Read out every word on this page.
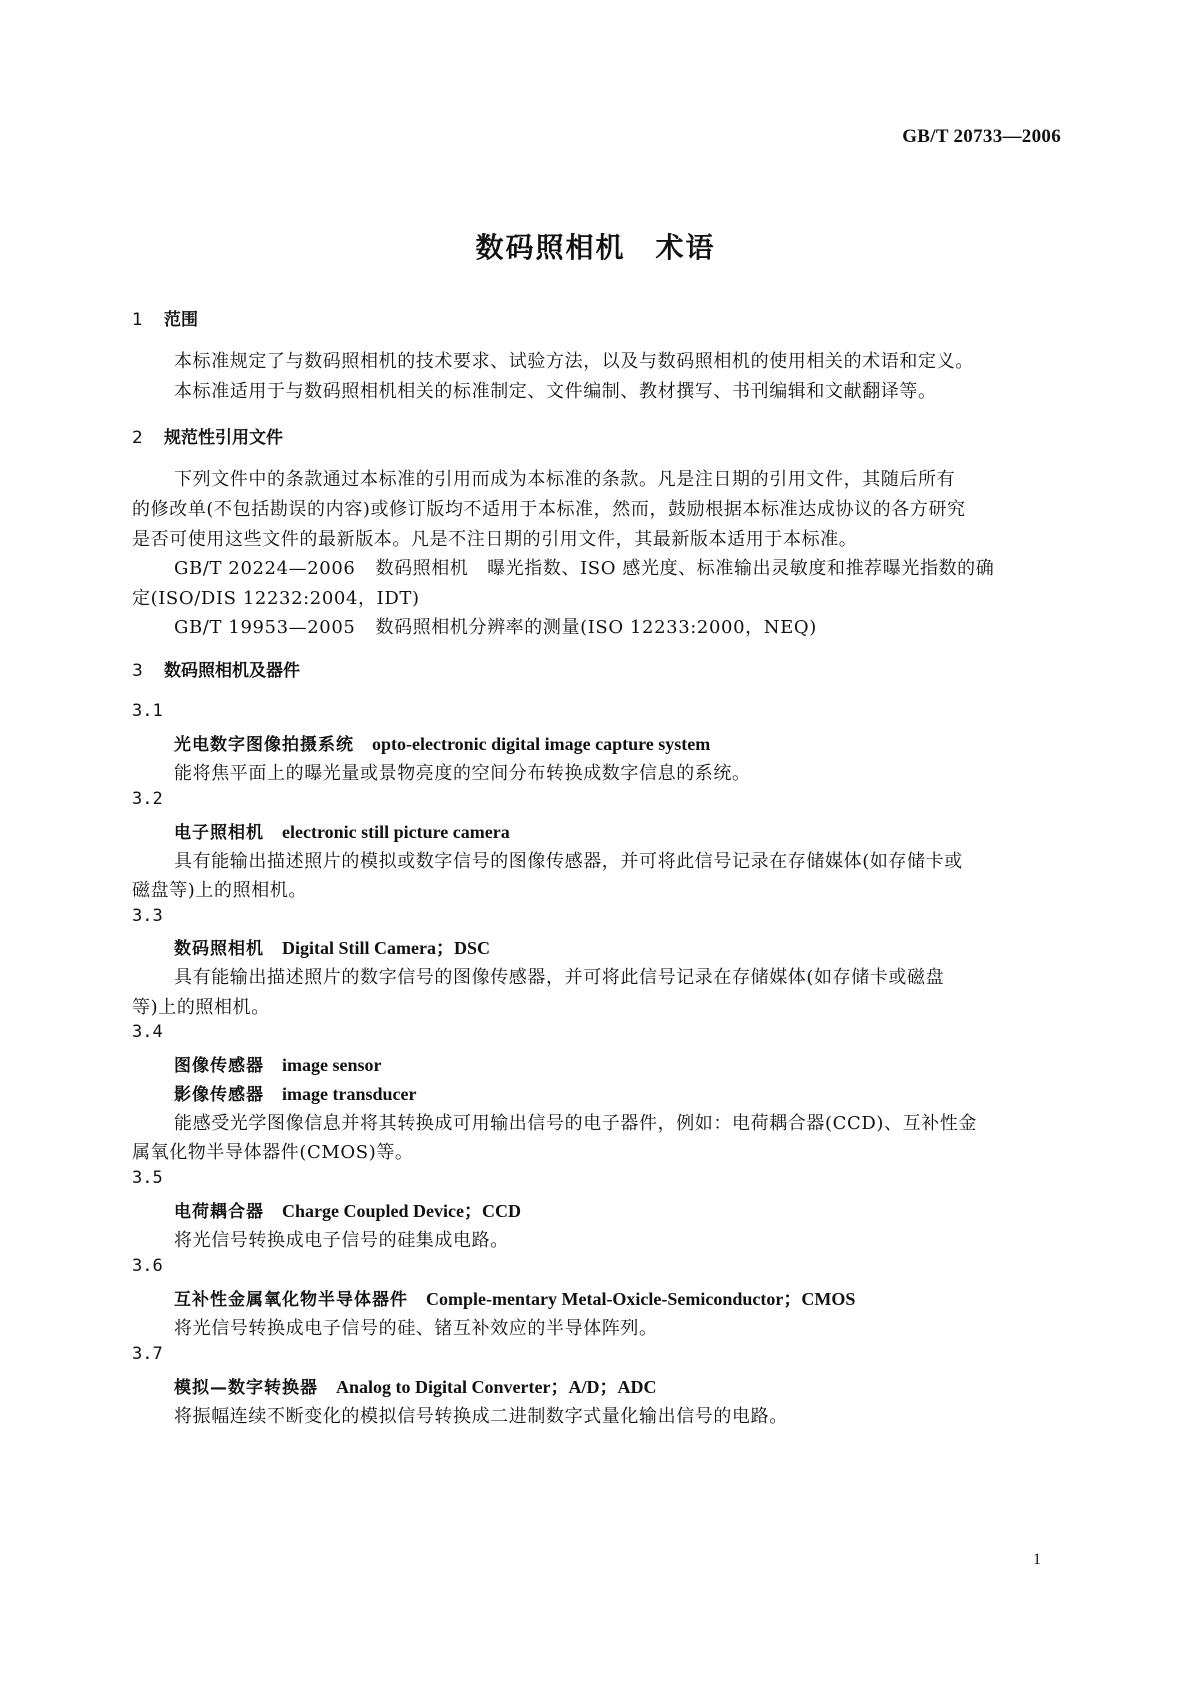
GB/T 20733—2006
数码照相机　术语
1 范围
本标准规定了与数码照相机的技术要求、试验方法，以及与数码照相机的使用相关的术语和定义。
本标准适用于与数码照相机相关的标准制定、文件编制、教材撰写、书刊编辑和文献翻译等。
2 规范性引用文件
下列文件中的条款通过本标准的引用而成为本标准的条款。凡是注日期的引用文件，其随后所有
的修改单(不包括勘误的内容)或修订版均不适用于本标准，然而，鼓励根据本标准达成协议的各方研究
是否可使用这些文件的最新版本。凡是不注日期的引用文件，其最新版本适用于本标准。
GB/T 20224—2006 数码照相机　曝光指数、ISO 感光度、标准输出灵敏度和推荐曝光指数的确
定(ISO/DIS 12232:2004，IDT)
GB/T 19953—2005 数码照相机分辨率的测量(ISO 12233:2000，NEQ)
3 数码照相机及器件
3.1
光电数字图像拍摄系统 opto-electronic digital image capture system
能将焦平面上的曝光量或景物亮度的空间分布转换成数字信息的系统。
3.2
电子照相机 electronic still picture camera
具有能输出描述照片的模拟或数字信号的图像传感器，并可将此信号记录在存储媒体(如存储卡或
磁盘等)上的照相机。
3.3
数码照相机 Digital Still Camera；DSC
具有能输出描述照片的数字信号的图像传感器，并可将此信号记录在存储媒体(如存储卡或磁盘
等)上的照相机。
3.4
图像传感器 image sensor
影像传感器 image transducer
能感受光学图像信息并将其转换成可用输出信号的电子器件，例如：电荷耦合器(CCD)、互补性金
属氧化物半导体器件(CMOS)等。
3.5
电荷耦合器 Charge Coupled Device；CCD
将光信号转换成电子信号的硅集成电路。
3.6
互补性金属氧化物半导体器件 Comple-mentary Metal-Oxicle-Semiconductor；CMOS
将光信号转换成电子信号的硅、锗互补效应的半导体阵列。
3.7
模拟—数字转换器 Analog to Digital Converter；A/D；ADC
将振幅连续不断变化的模拟信号转换成二进制数字式量化输出信号的电路。
1
